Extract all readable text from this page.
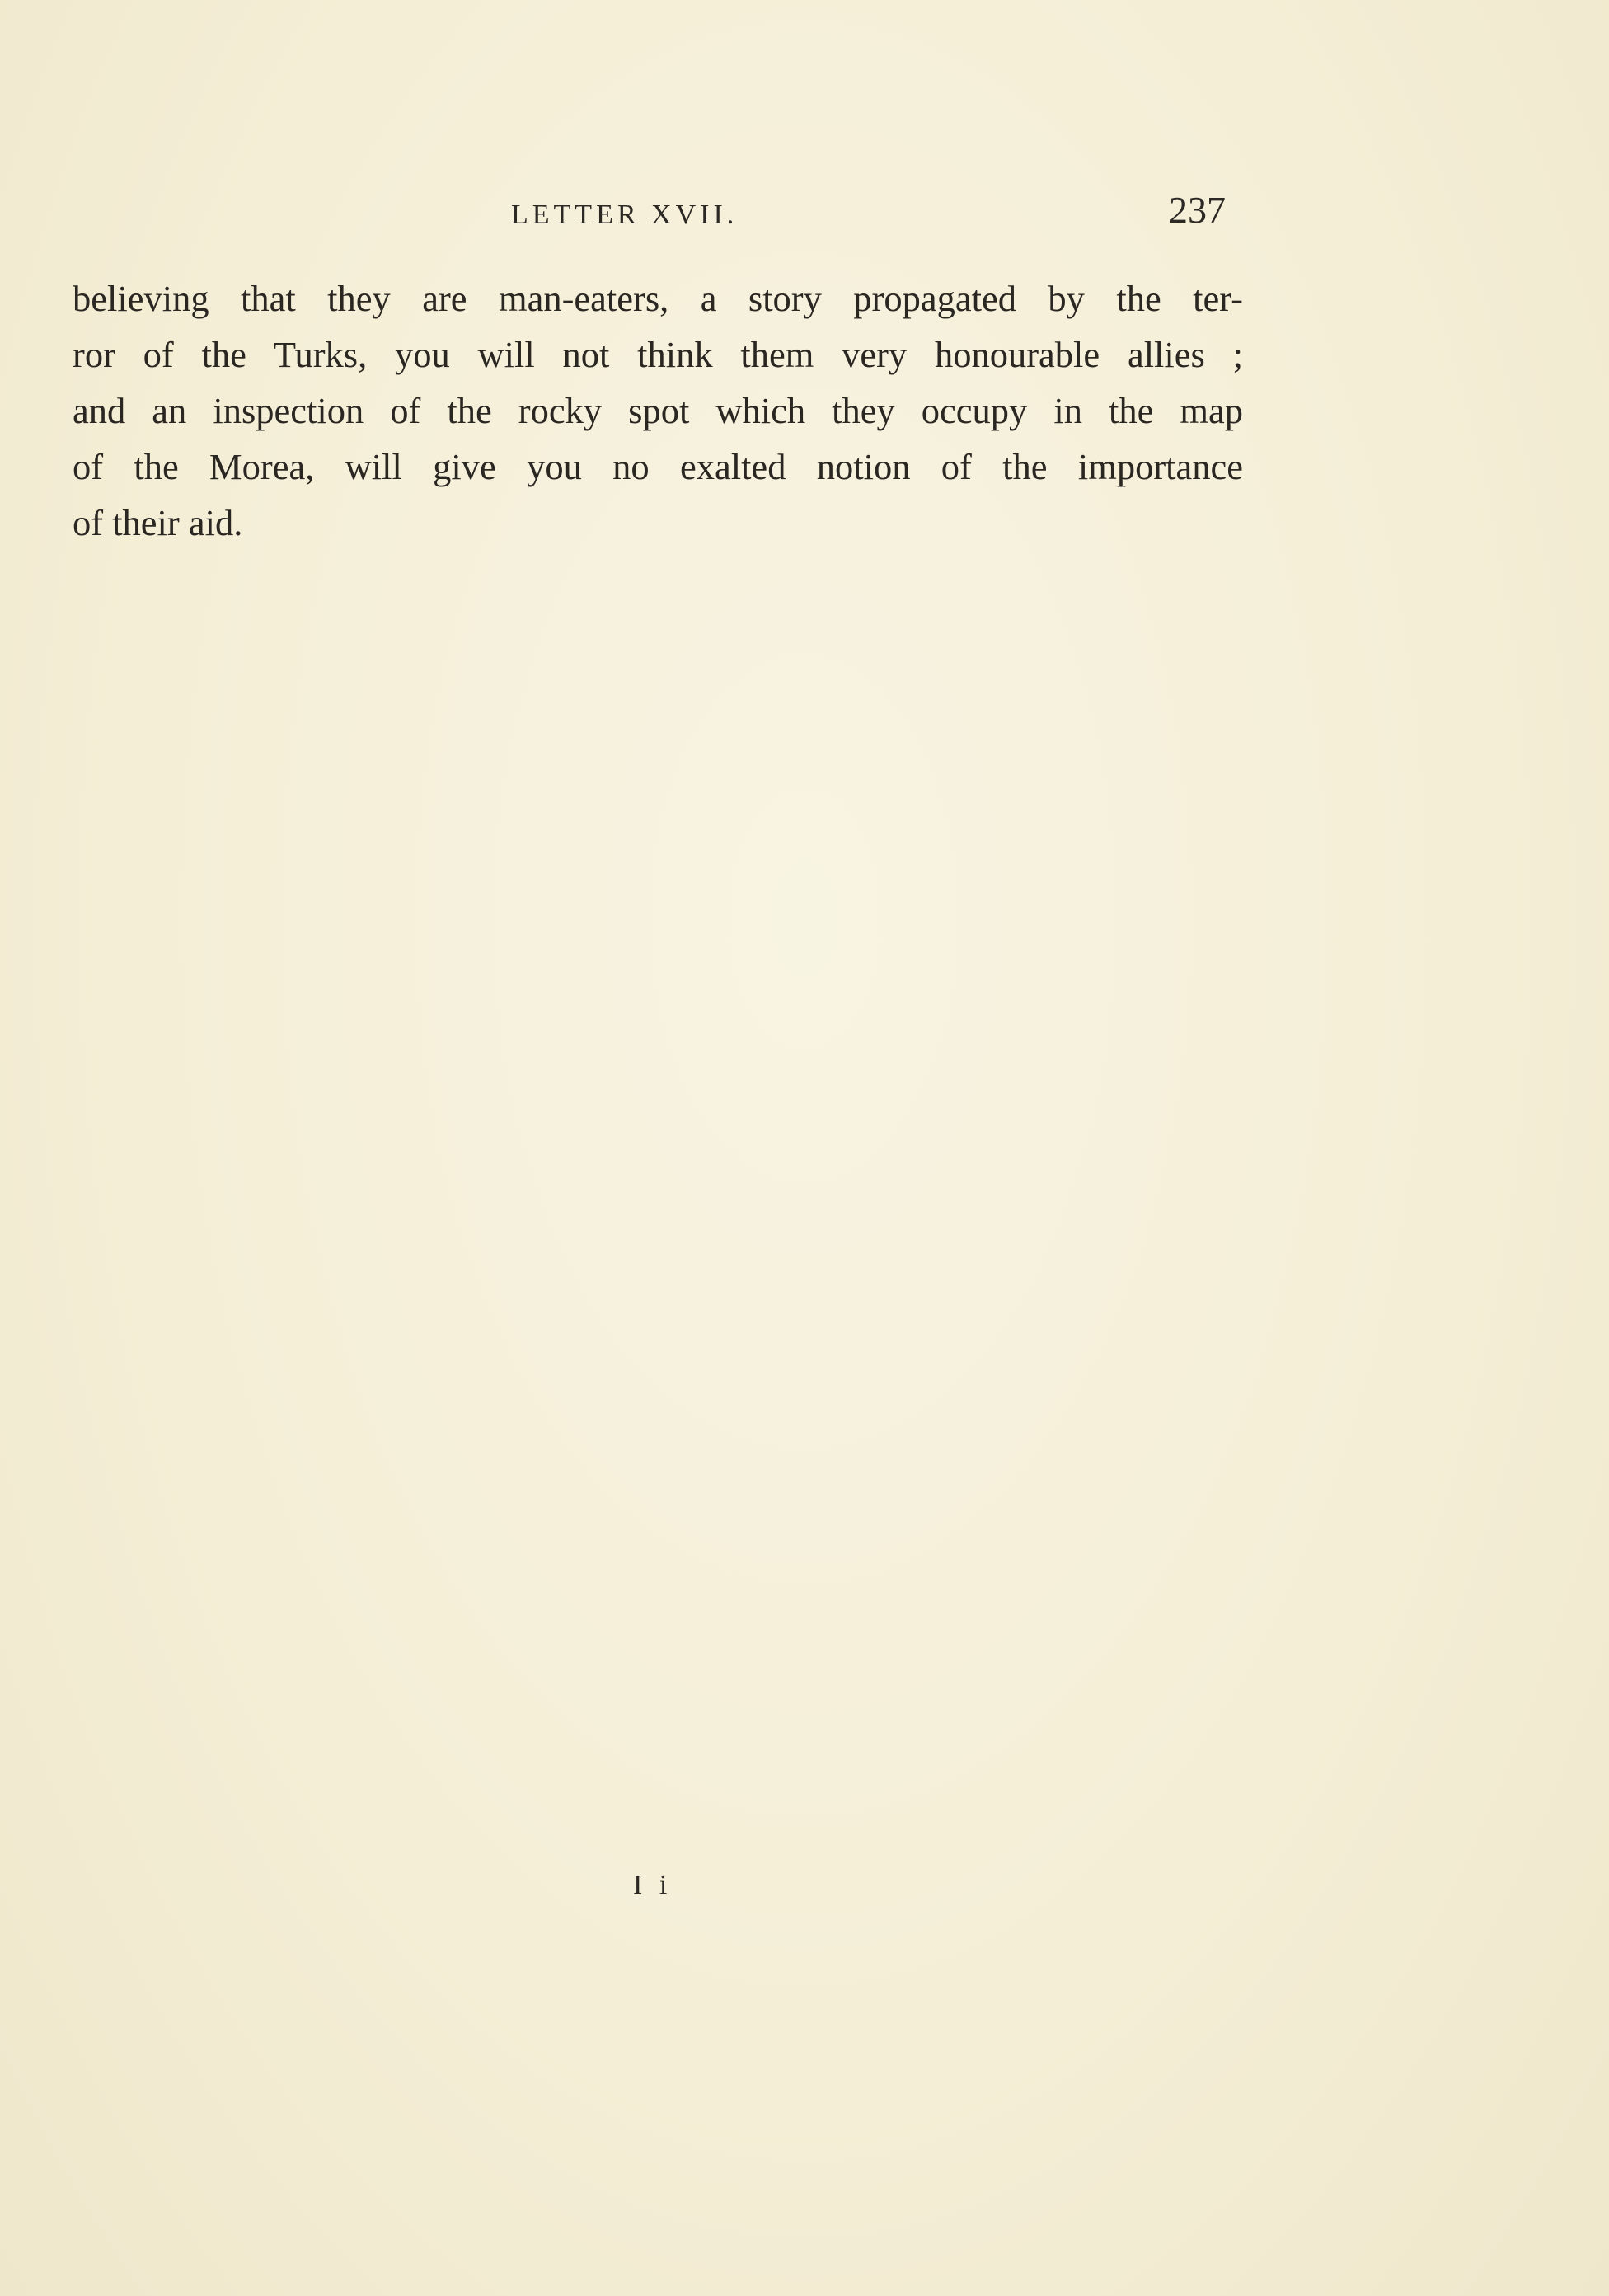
LETTER XVII.	237
believing that they are man-eaters, a story propagated by the ter-
ror of the Turks, you will not think them very honourable allies ;
and an inspection of the rocky spot which they occupy in the map
of the Morea, will give you no exalted notion of the importance
of their aid.
I i
